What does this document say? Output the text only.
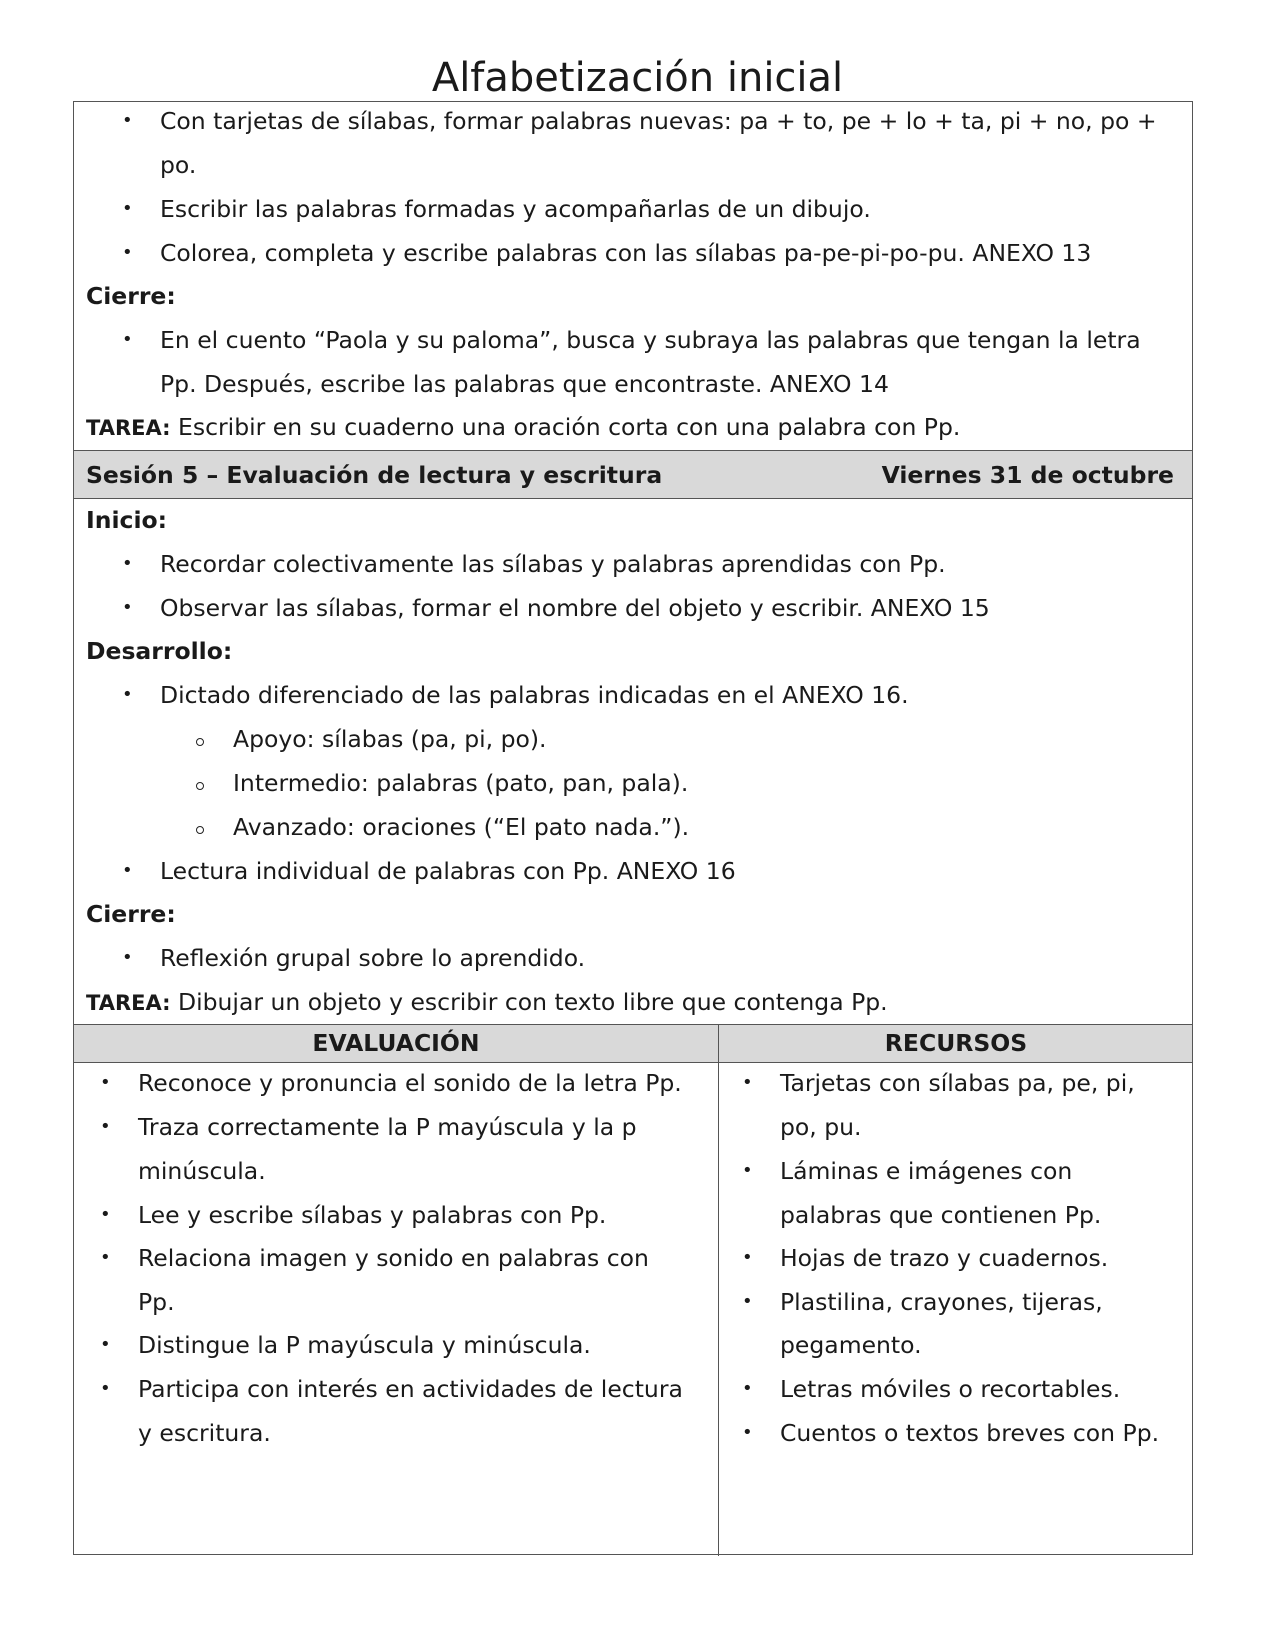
Alfabetización inicial
• Con tarjetas de sílabas, formar palabras nuevas: pa + to, pe + lo + ta, pi + no, po +
po.
• Escribir las palabras formadas y acompañarlas de un dibujo.
• Colorea, completa y escribe palabras con las sílabas pa-pe-pi-po-pu. ANEXO 13
Cierre:
• En el cuento “Paola y su paloma”, busca y subraya las palabras que tengan la letra
Pp. Después, escribe las palabras que encontraste. ANEXO 14
TAREA: Escribir en su cuaderno una oración corta con una palabra con Pp.
Sesión 5 – Evaluación de lectura y escritura	Viernes 31 de octubre
Inicio:
• Recordar colectivamente las sílabas y palabras aprendidas con Pp.
• Observar las sílabas, formar el nombre del objeto y escribir. ANEXO 15
Desarrollo:
• Dictado diferenciado de las palabras indicadas en el ANEXO 16.
Apoyo: sílabas (pa, pi, po).
Intermedio: palabras (pato, pan, pala).
Avanzado: oraciones (“El pato nada.”).
• Lectura individual de palabras con Pp. ANEXO 16
Cierre:
• Reflexión grupal sobre lo aprendido.
TAREA: Dibujar un objeto y escribir con texto libre que contenga Pp.
EVALUACIÓN	RECURSOS
• Reconoce y pronuncia el sonido de la letra Pp.
• Traza correctamente la P mayúscula y la p
minúscula.
• Lee y escribe sílabas y palabras con Pp.
• Relaciona imagen y sonido en palabras con
Pp.
• Distingue la P mayúscula y minúscula.
• Participa con interés en actividades de lectura
y escritura.
• Tarjetas con sílabas pa, pe, pi,
po, pu.
• Láminas e imágenes con
palabras que contienen Pp.
• Hojas de trazo y cuadernos.
• Plastilina, crayones, tijeras,
pegamento.
• Letras móviles o recortables.
• Cuentos o textos breves con Pp.
